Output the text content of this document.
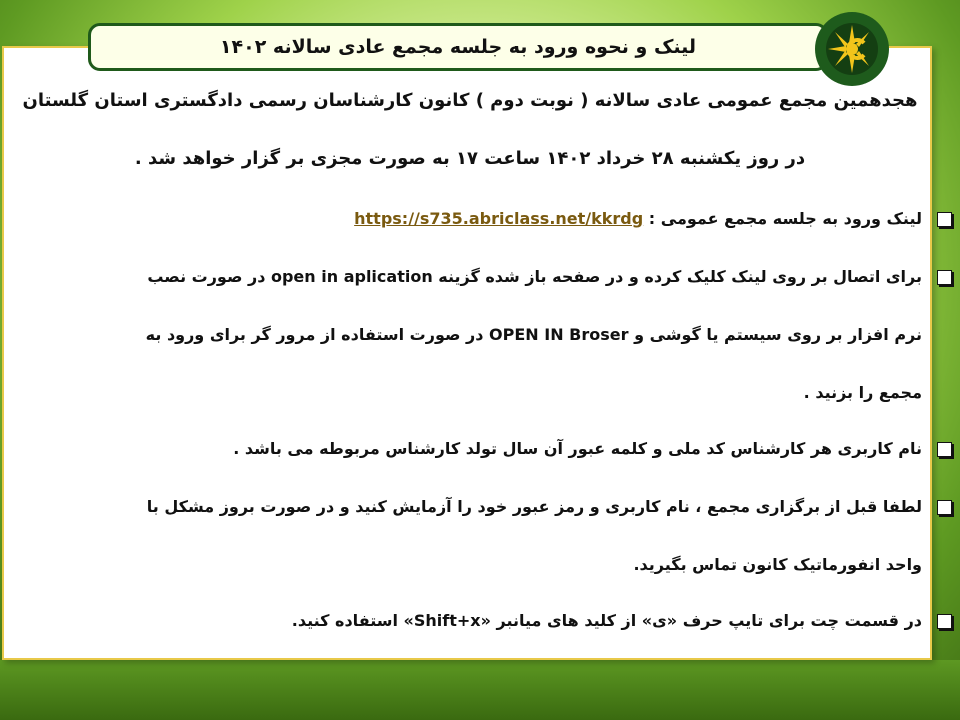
لینک و نحوه ورود به جلسه مجمع عادی سالانه ۱۴۰۲
هجدهمین مجمع عمومی عادی سالانه ( نوبت دوم ) کانون کارشناسان رسمی دادگستری استان گلستان
در روز یکشنبه ۲۸ خرداد ۱۴۰۲ ساعت ۱۷ به صورت مجزی بر گزار خواهد شد .
لینک ورود به جلسه مجمع عمومی : https://s735.abriclass.net/kkrdg
برای اتصال بر روی لینک کلیک کرده و در صفحه باز شده گزینه open in aplication در صورت نصب
نرم افزار بر روی سیستم یا گوشی و OPEN IN Broser در صورت استفاده از مرور گر برای ورود به
مجمع را بزنید .
نام کاربری هر کارشناس کد ملی و کلمه عبور آن سال تولد کارشناس مربوطه می باشد .
لطفا قبل از برگزاری مجمع ، نام کاربری و رمز عبور خود را آزمایش کنید و در صورت بروز مشکل با
واحد انفورماتیک کانون تماس بگیرید.
در قسمت چت برای تایپ حرف «ی» از کلید های میانبر «Shift+x» استفاده کنید.
